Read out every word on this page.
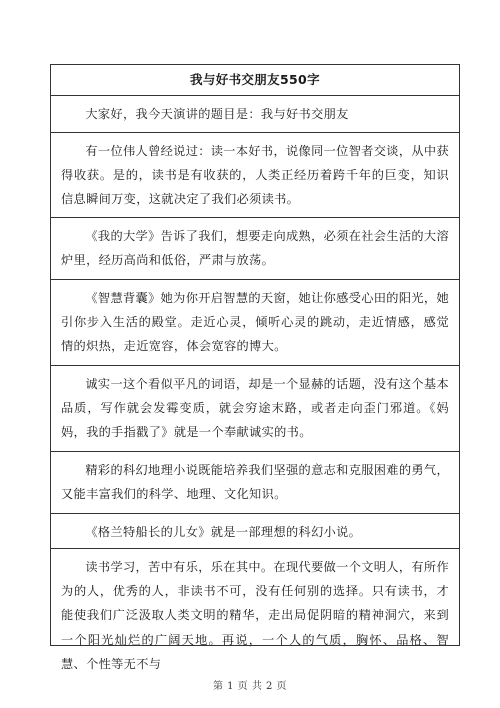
我与好书交朋友550字
大家好，我今天演讲的题目是：我与好书交朋友
有一位伟人曾经说过：读一本好书，说像同一位智者交谈，从中获得收获。是的，读书是有收获的，人类正经历着跨千年的巨变，知识信息瞬间万变，这就决定了我们必须读书。
《我的大学》告诉了我们，想要走向成熟，必须在社会生活的大溶炉里，经历高尚和低俗，严肃与放荡。
《智慧背囊》她为你开启智慧的天窗，她让你感受心田的阳光，她引你步入生活的殿堂。走近心灵，倾听心灵的跳动，走近情感，感觉情的炽热，走近宽容，体会宽容的博大。
诚实一这个看似平凡的词语，却是一个显赫的话题，没有这个基本品质，写作就会发霉变质，就会穷途末路，或者走向歪门邪道。《妈妈，我的手指戳了》就是一个奉献诚实的书。
精彩的科幻地理小说既能培养我们坚强的意志和克服困难的勇气，又能丰富我们的科学、地理、文化知识。
《格兰特船长的儿女》就是一部理想的科幻小说。
读书学习，苦中有乐，乐在其中。在现代要做一个文明人，有所作为的人，优秀的人，非读书不可，没有任何别的选择。只有读书，才能使我们广泛汲取人类文明的精华，走出局促阴暗的精神洞穴，来到一个阳光灿烂的广阔天地。再说，一个人的气质，胸怀、品格、智慧、个性等无不与
第 1 页 共 2 页
